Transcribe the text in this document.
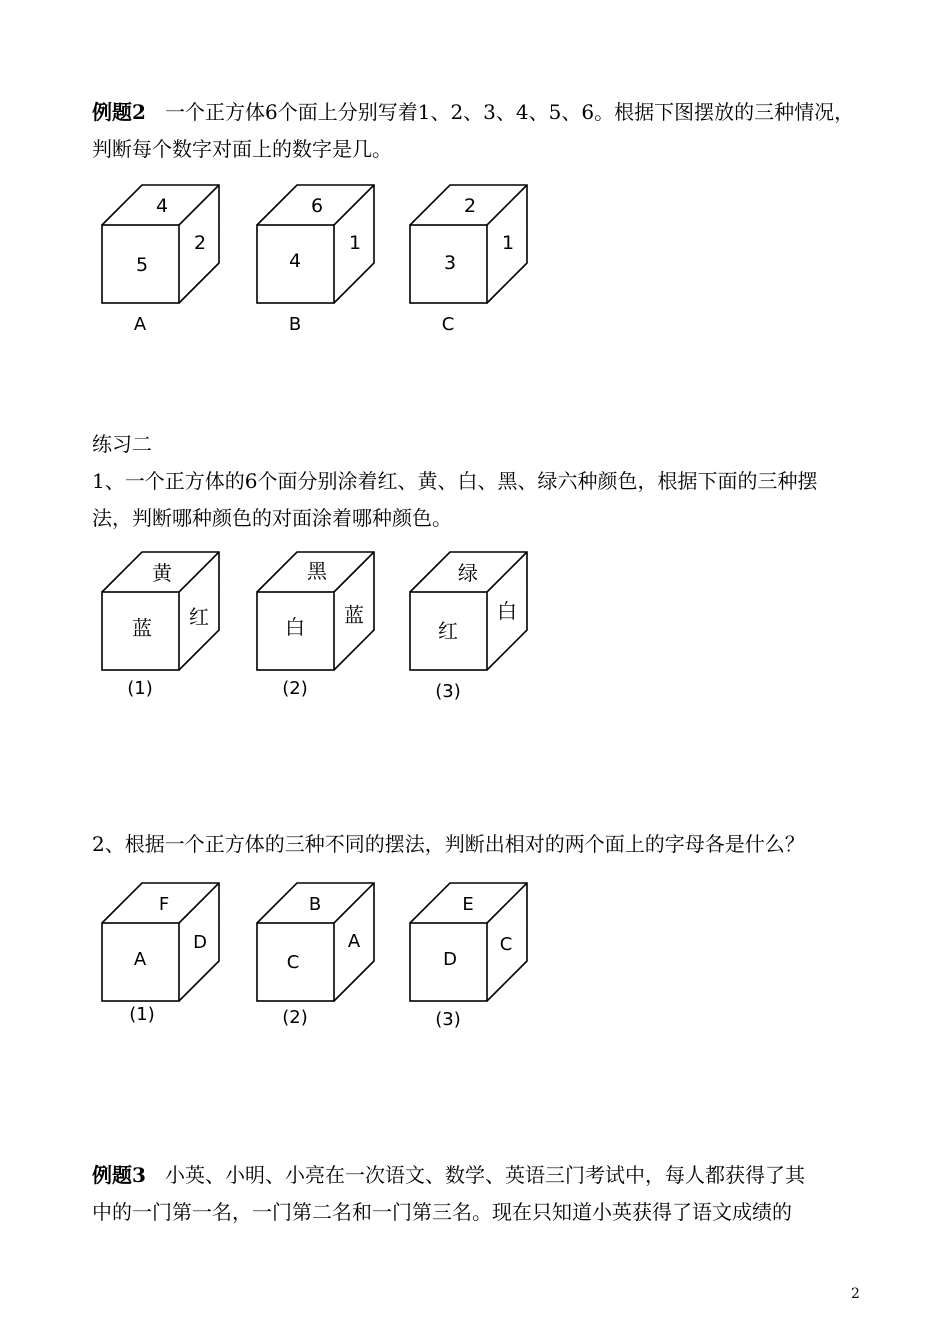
例题2 一个正方体6个面上分别写着1、2、3、4、5、6。根据下图摆放的三种情况，
判断每个数字对面上的数字是几。
4
5
2
A
6
4
1
B
2
3
1
C
练习二
1、一个正方体的6个面分别涂着红、黄、白、黑、绿六种颜色，根据下面的三种摆
法，判断哪种颜色的对面涂着哪种颜色。
黄
蓝 红
(1)
黑
白 蓝
(2)
绿
红
白
(3)
2、根据一个正方体的三种不同的摆法，判断出相对的两个面上的字母各是什么？
F
A
D
(1)
B
C
A
(2)
E
D
C
(3)
例题3 小英、小明、小亮在一次语文、数学、英语三门考试中，每人都获得了其
中的一门第一名，一门第二名和一门第三名。现在只知道小英获得了语文成绩的
2
